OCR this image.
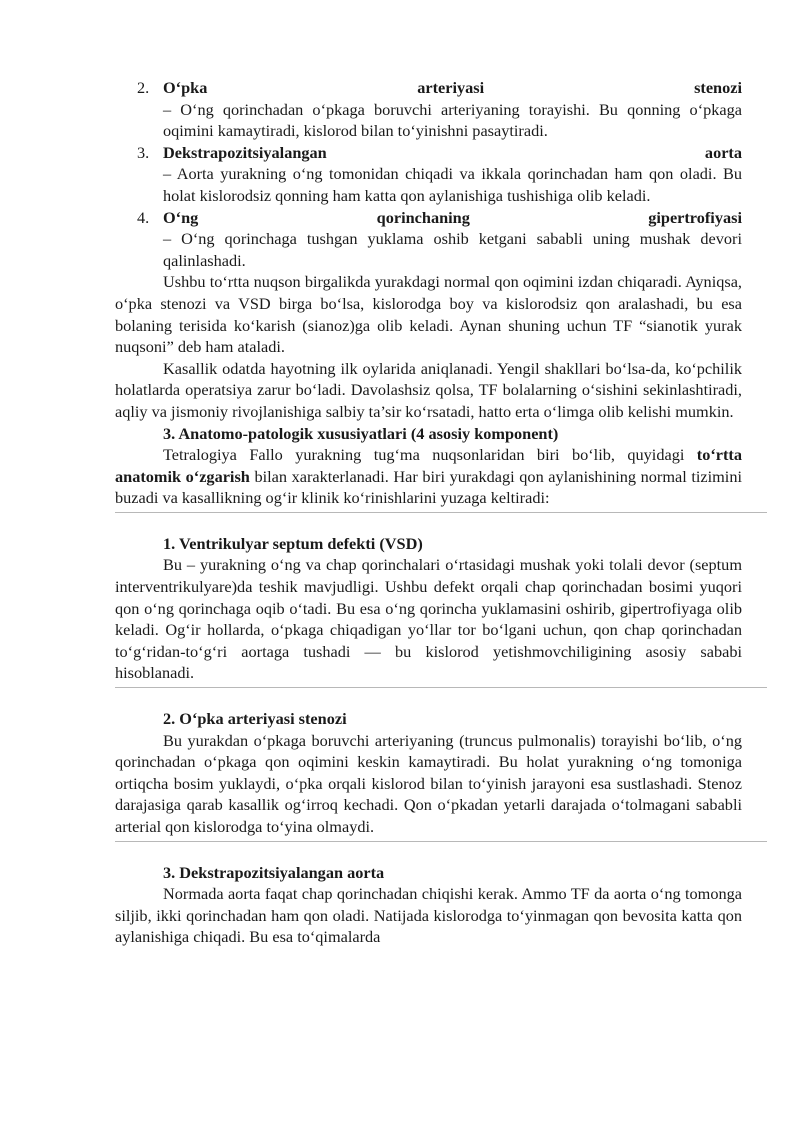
2. O‘pka	arteriyasi	stenozi
– O‘ng qorinchadan o‘pkaga boruvchi arteriyaning torayishi. Bu qonning o‘pkaga oqimini kamaytiradi, kislorod bilan to‘yinishni pasaytiradi.
3. Dekstrapozitsiyalangan	aorta
– Aorta yurakning o‘ng tomonidan chiqadi va ikkala qorinchadan ham qon oladi. Bu holat kislorodsiz qonning ham katta qon aylanishiga tushishiga olib keladi.
4. O‘ng	qorinchaning	gipertrofiyasi
– O‘ng qorinchaga tushgan yuklama oshib ketgani sababli uning mushak devori qalinlashadi.

Ushbu to‘rtta nuqson birgalikda yurakdagi normal qon oqimini izdan chiqaradi. Ayniqsa, o‘pka stenozi va VSD birga bo‘lsa, kislorodga boy va kislorodsiz qon aralashadi, bu esa bolaning terisida ko‘karish (sianoz)ga olib keladi. Aynan shuning uchun TF “sianotik yurak nuqsoni” deb ham ataladi.

Kasallik odatda hayotning ilk oylarida aniqlanadi. Yengil shakllari bo‘lsa-da, ko‘pchilik holatlarda operatsiya zarur bo‘ladi. Davolashsiz qolsa, TF bolalarning o‘sishini sekinlashtiradi, aqliy va jismoniy rivojlanishiga salbiy ta’sir ko‘rsatadi, hatto erta o‘limga olib kelishi mumkin.

3. Anatomo-patologik xususiyatlari (4 asosiy komponent)

Tetralogiya Fallo yurakning tug‘ma nuqsonlaridan biri bo‘lib, quyidagi to‘rtta anatomik o‘zgarish bilan xarakterlanadi. Har biri yurakdagi qon aylanishining normal tizimini buzadi va kasallikning og‘ir klinik ko‘rinishlarini yuzaga keltiradi:

1. Ventrikulyar septum defekti (VSD)

Bu – yurakning o‘ng va chap qorinchalari o‘rtasidagi mushak yoki tolali devor (septum interventrikulyare)da teshik mavjudligi. Ushbu defekt orqali chap qorinchadan bosimi yuqori qon o‘ng qorinchaga oqib o‘tadi. Bu esa o‘ng qorincha yuklamasini oshirib, gipertrofiyaga olib keladi. Og‘ir hollarda, o‘pkaga chiqadigan yo‘llar tor bo‘lgani uchun, qon chap qorinchadan to‘g‘ridan-to‘g‘ri aortaga tushadi — bu kislorod yetishmovchiligining asosiy sababi hisoblanadi.

2. O‘pka arteriyasi stenozi

Bu yurakdan o‘pkaga boruvchi arteriyaning (truncus pulmonalis) torayishi bo‘lib, o‘ng qorinchadan o‘pkaga qon oqimini keskin kamaytiradi. Bu holat yurakning o‘ng tomoniga ortiqcha bosim yuklaydi, o‘pka orqali kislorod bilan to‘yinish jarayoni esa sustlashadi. Stenoz darajasiga qarab kasallik og‘irroq kechadi. Qon o‘pkadan yetarli darajada o‘tolmagani sababli arterial qon kislorodga to‘yina olmaydi.

3. Dekstrapozitsiyalangan aorta

Normada aorta faqat chap qorinchadan chiqishi kerak. Ammo TF da aorta o‘ng tomonga siljib, ikki qorinchadan ham qon oladi. Natijada kislorodga to‘yinmagan qon bevosita katta qon aylanishiga chiqadi. Bu esa to‘qimalarda
